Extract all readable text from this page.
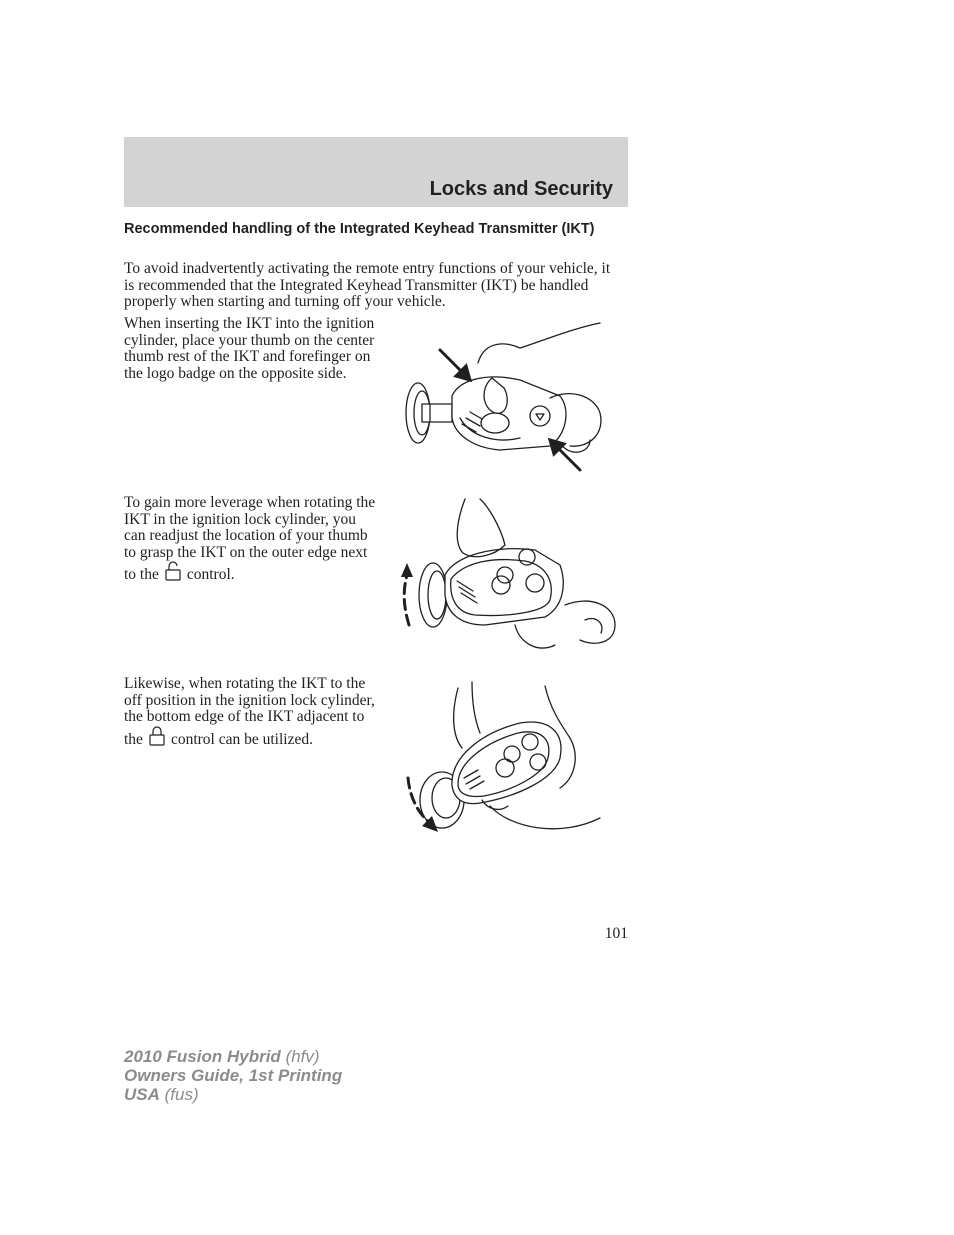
Locks and Security
Recommended handling of the Integrated Keyhead Transmitter (IKT)

To avoid inadvertently activating the remote entry functions of your vehicle, it is recommended that the Integrated Keyhead Transmitter (IKT) be handled properly when starting and turning off your vehicle.

When inserting the IKT into the ignition cylinder, place your thumb on the center thumb rest of the IKT and forefinger on the logo badge on the opposite side.

To gain more leverage when rotating the IKT in the ignition lock cylinder, you can readjust the location of your thumb to grasp the IKT on the outer edge next to the control.

Likewise, when rotating the IKT to the off position in the ignition lock cylinder, the bottom edge of the IKT adjacent to the control can be utilized.

101
2010 Fusion Hybrid (hfv)
Owners Guide, 1st Printing
USA (fus)
